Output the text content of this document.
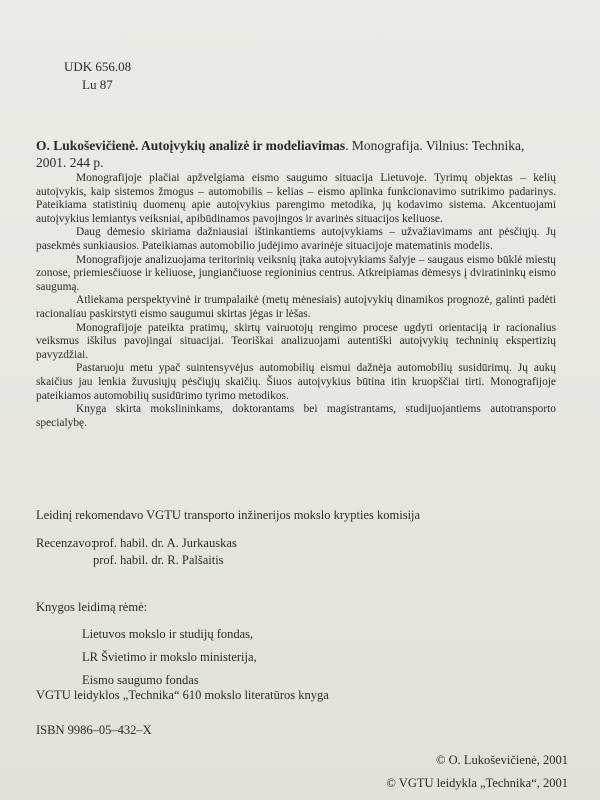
UDK 656.08
Lu 87
O. Lukoševičienė. Autoįvykių analizė ir modeliavimas. Monografija. Vilnius: Technika, 2001. 244 p.

Monografijoje plačiai apžvelgiama eismo saugumo situacija Lietuvoje. Tyrimų objektas – kelių autoįvykis, kaip sistemos žmogus – automobilis – kelias – eismo aplinka funkcionavimo sutrikimo padarinys. Pateikiama statistinių duomenų apie autoįvykius parengimo metodika, jų kodavimo sistema. Akcentuojami autoįvykius lemiantys veiksniai, apibūdinamos pavojingos ir avarinės situacijos keliuose.

Daug dėmesio skiriama dažniausiai ištinkantiems autoįvykiams – užvažiavimams ant pėsčiųjų. Jų pasekmės sunkiausios. Pateikiamas automobilio judėjimo avarinėje situacijoje matematinis modelis.

Monografijoje analizuojama teritorinių veiksnių įtaka autoįvykiams šalyje – saugaus eismo būklė miestų zonose, priemiesčiuose ir keliuose, jungiančiuose regioninius centrus. Atkreipiamas dėmesys į dviratininkų eismo saugumą.

Atliekama perspektyvinė ir trumpalaikė (metų mėnesiais) autoįvykių dinamikos prognozė, galinti padėti racionaliau paskirstyti eismo saugumui skirtas jėgas ir lėšas.

Monografijoje pateikta pratimų, skirtų vairuotojų rengimo procese ugdyti orientaciją ir racionalius veiksmus iškilus pavojingai situacijai. Teoriškai analizuojami autentiški autoįvykių techninių ekspertizių pavyzdžiai.

Pastaruoju metu ypač suintensyvėjus automobilių eismui dažnėja automobilių susidūrimų. Jų aukų skaičius jau lenkia žuvusiųjų pėsčiųjų skaičių. Šiuos autoįvykius būtina itin kruopščiai tirti. Monografijoje pateikiamos automobilių susidūrimo tyrimo metodikos.

Knyga skirta mokslininkams, doktorantams bei magistrantams, studijuojantiems autotransporto specialybę.

Leidinį rekomendavo VGTU transporto inžinerijos mokslo krypties komisija
Recenzavo:
prof. habil. dr. A. Jurkauskas
prof. habil. dr. R. Palšaitis
Knygos leidimą rėmė:
Lietuvos mokslo ir studijų fondas,
LR Švietimo ir mokslo ministerija,
Eismo saugumo fondas
VGTU leidyklos „Technika“ 610 mokslo literatūros knyga
ISBN 9986–05–432–X
© O. Lukoševičienė, 2001
© VGTU leidykla „Technika“, 2001
